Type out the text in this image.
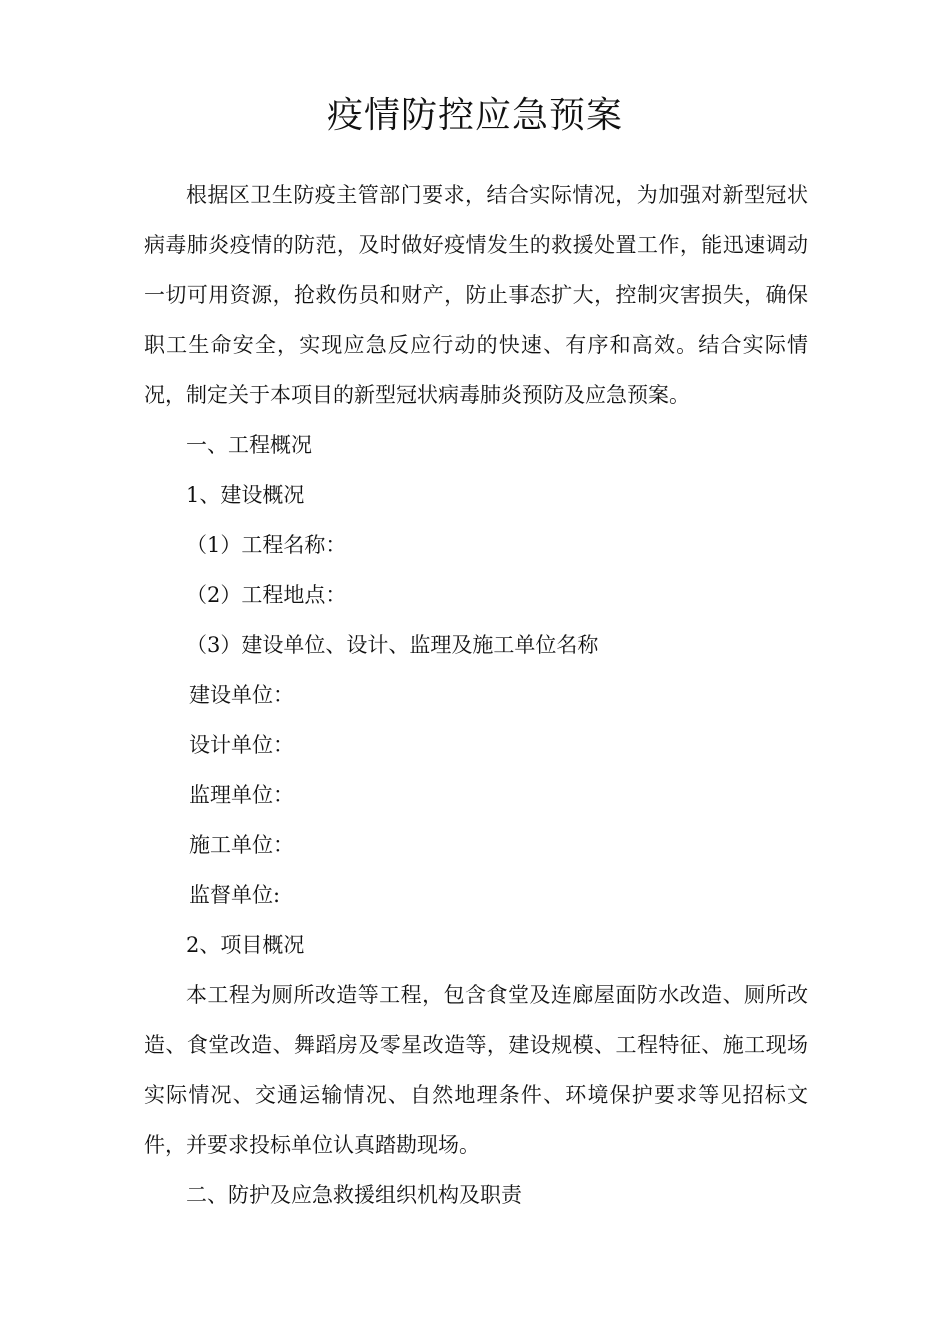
疫情防控应急预案

根据区卫生防疫主管部门要求，结合实际情况，为加强对新型冠状病毒肺炎疫情的防范，及时做好疫情发生的救援处置工作，能迅速调动一切可用资源，抢救伤员和财产，防止事态扩大，控制灾害损失，确保职工生命安全，实现应急反应行动的快速、有序和高效。结合实际情况，制定关于本项目的新型冠状病毒肺炎预防及应急预案。

一、工程概况

1、建设概况

（1）工程名称：

（2）工程地点：

（3）建设单位、设计、监理及施工单位名称

建设单位：

设计单位：

监理单位：

施工单位：

监督单位:

2、项目概况

本工程为厕所改造等工程，包含食堂及连廊屋面防水改造、厕所改造、食堂改造、舞蹈房及零星改造等，建设规模、工程特征、施工现场实际情况、交通运输情况、自然地理条件、环境保护要求等见招标文件，并要求投标单位认真踏勘现场。

二、防护及应急救援组织机构及职责
